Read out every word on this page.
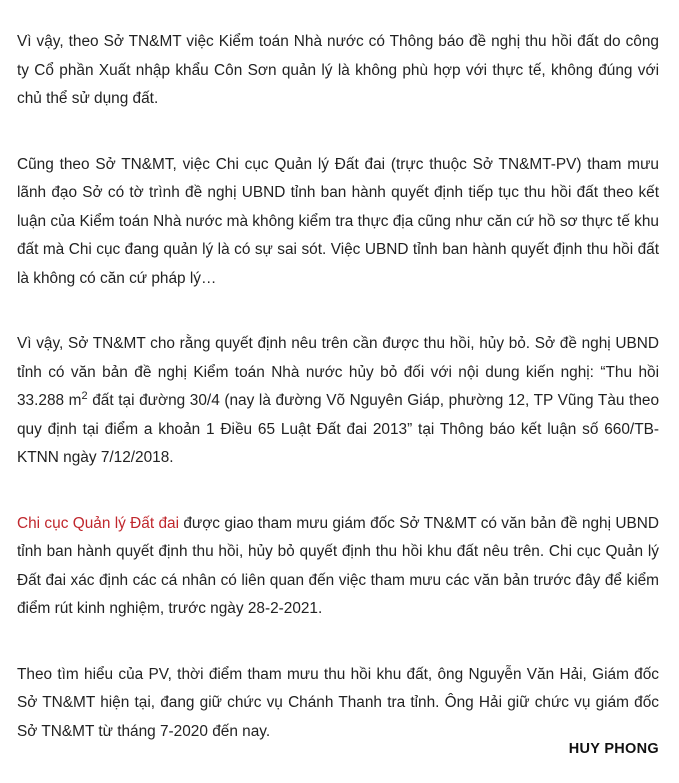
Vì vậy, theo Sở TN&MT việc Kiểm toán Nhà nước có Thông báo đề nghị thu hồi đất do công ty Cổ phần Xuất nhập khẩu Côn Sơn quản lý là không phù hợp với thực tế, không đúng với chủ thể sử dụng đất.

Cũng theo Sở TN&MT, việc Chi cục Quản lý Đất đai (trực thuộc Sở TN&MT-PV) tham mưu lãnh đạo Sở có tờ trình đề nghị UBND tỉnh ban hành quyết định tiếp tục thu hồi đất theo kết luận của Kiểm toán Nhà nước mà không kiểm tra thực địa cũng như căn cứ hồ sơ thực tế khu đất mà Chi cục đang quản lý là có sự sai sót. Việc UBND tỉnh ban hành quyết định thu hồi đất là không có căn cứ pháp lý…

Vì vậy, Sở TN&MT cho rằng quyết định nêu trên cần được thu hồi, hủy bỏ. Sở đề nghị UBND tỉnh có văn bản đề nghị Kiểm toán Nhà nước hủy bỏ đối với nội dung kiến nghị: “Thu hồi 33.288 $m^2$ đất tại đường 30/4 (nay là đường Võ Nguyên Giáp, phường 12, TP Vũng Tàu theo quy định tại điểm a khoản 1 Điều 65 Luật Đất đai 2013” tại Thông báo kết luận số 660/TB-KTNN ngày 7/12/2018.

Chi cục Quản lý Đất đai được giao tham mưu giám đốc Sở TN&MT có văn bản đề nghị UBND tỉnh ban hành quyết định thu hồi, hủy bỏ quyết định thu hồi khu đất nêu trên. Chi cục Quản lý Đất đai xác định các cá nhân có liên quan đến việc tham mưu các văn bản trước đây để kiểm điểm rút kinh nghiệm, trước ngày 28-2-2021.

Theo tìm hiểu của PV, thời điểm tham mưu thu hồi khu đất, ông Nguyễn Văn Hải, Giám đốc Sở TN&MT hiện tại, đang giữ chức vụ Chánh Thanh tra tỉnh. Ông Hải giữ chức vụ giám đốc Sở TN&MT từ tháng 7-2020 đến nay.

HUY PHONG
